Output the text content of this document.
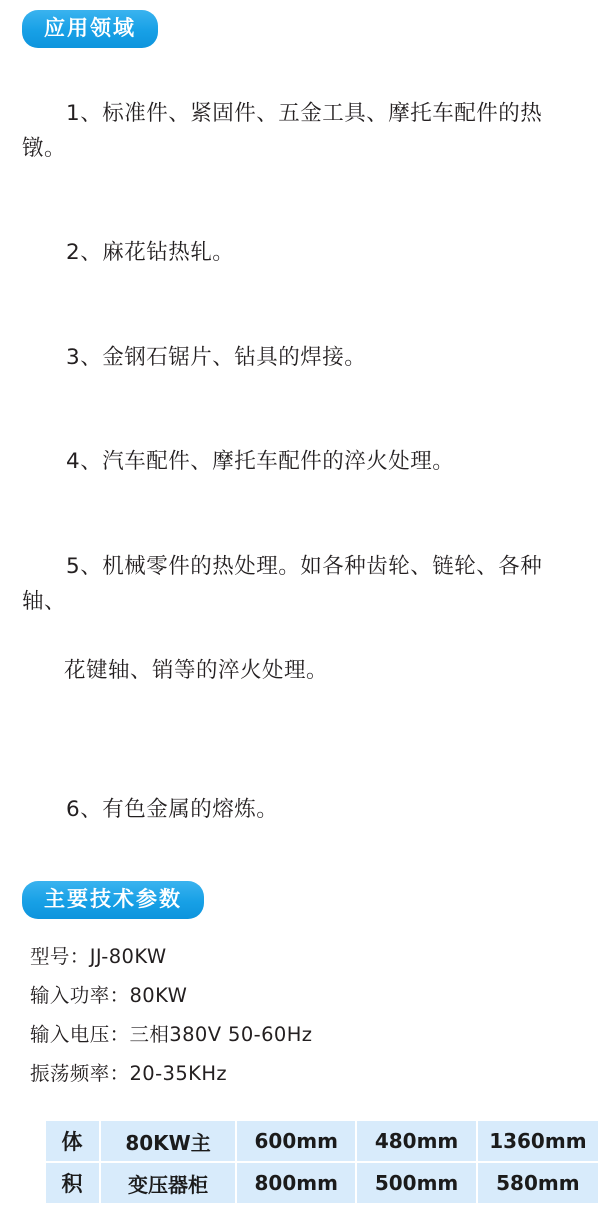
应用领域

1、标准件、紧固件、五金工具、摩托车配件的热镦。

2、麻花钻热轧。

3、金钢石锯片、钻具的焊接。

4、汽车配件、摩托车配件的淬火处理。

5、机械零件的热处理。如各种齿轮、链轮、各种轴、

花键轴、销等的淬火处理。

6、有色金属的熔炼。

主要技术参数
型号：JJ-80KW
输入功率：80KW
输入电压：三相380V 50-60Hz
振荡频率：20-35KHz
体	80KW主	600mm	480mm	1360mm
积	变压器柜	800mm	500mm	580mm
